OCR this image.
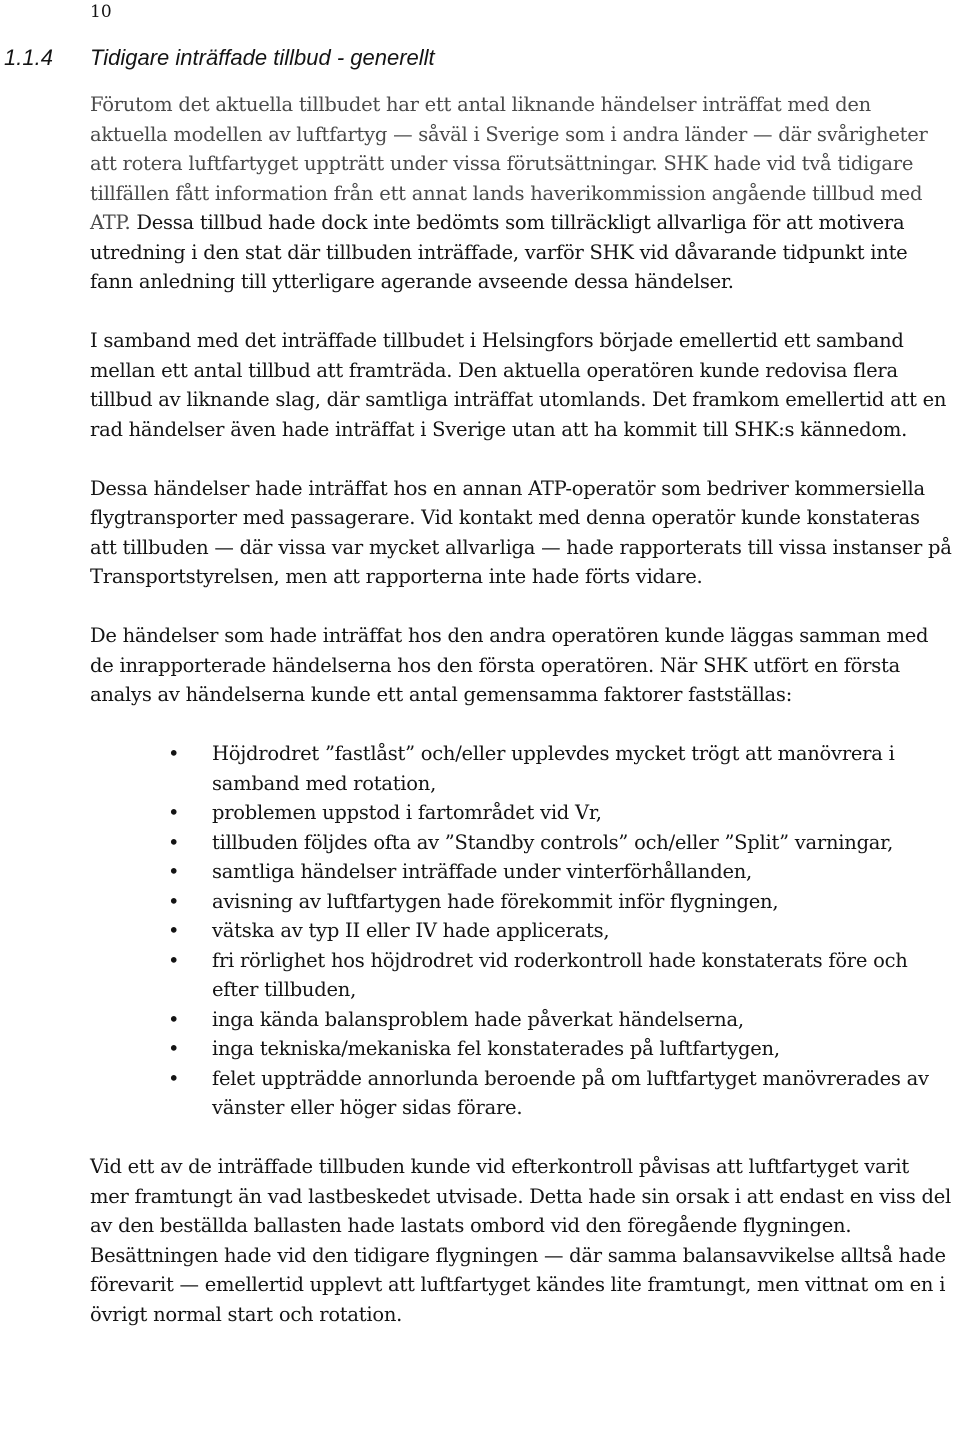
10
1.1.4 Tidigare inträffade tillbud - generellt

Förutom det aktuella tillbudet har ett antal liknande händelser inträffat med den aktuella modellen av luftfartyg — såväl i Sverige som i andra länder — där svårigheter att rotera luftfartyget uppträtt under vissa förutsättningar. SHK hade vid två tidigare tillfällen fått information från ett annat lands haverikommission angående tillbud med ATP. Dessa tillbud hade dock inte bedömts som tillräckligt allvarliga för att motivera utredning i den stat där tillbuden inträffade, varför SHK vid dåvarande tidpunkt inte fann anledning till ytterligare agerande avseende dessa händelser.

I samband med det inträffade tillbudet i Helsingfors började emellertid ett samband mellan ett antal tillbud att framträda. Den aktuella operatören kunde redovisa flera tillbud av liknande slag, där samtliga inträffat utomlands. Det framkom emellertid att en rad händelser även hade inträffat i Sverige utan att ha kommit till SHK:s kännedom.

Dessa händelser hade inträffat hos en annan ATP-operatör som bedriver kommersiella flygtransporter med passagerare. Vid kontakt med denna operatör kunde konstateras att tillbuden — där vissa var mycket allvarliga — hade rapporterats till vissa instanser på Transportstyrelsen, men att rapporterna inte hade förts vidare.

De händelser som hade inträffat hos den andra operatören kunde läggas samman med de inrapporterade händelserna hos den första operatören. När SHK utfört en första analys av händelserna kunde ett antal gemensamma faktorer fastställas:

• Höjdrodret ”fastlåst” och/eller upplevdes mycket trögt att manövrera i samband med rotation,
• problemen uppstod i fartområdet vid Vr,
• tillbuden följdes ofta av ”Standby controls” och/eller ”Split” varningar,
• samtliga händelser inträffade under vinterförhållanden,
• avisning av luftfartygen hade förekommit inför flygningen,
• vätska av typ II eller IV hade applicerats,
• fri rörlighet hos höjdrodret vid roderkontroll hade konstaterats före och efter tillbuden,
• inga kända balansproblem hade påverkat händelserna,
• inga tekniska/mekaniska fel konstaterades på luftfartygen,
• felet uppträdde annorlunda beroende på om luftfartyget manövrerades av vänster eller höger sidas förare.

Vid ett av de inträffade tillbuden kunde vid efterkontroll påvisas att luftfartyget varit mer framtungt än vad lastbeskedet utvisade. Detta hade sin orsak i att endast en viss del av den beställda ballasten hade lastats ombord vid den föregående flygningen. Besättningen hade vid den tidigare flygningen — där samma balansavvikelse alltså hade förevarit — emellertid upplevt att luftfartyget kändes lite framtungt, men vittnat om en i övrigt normal start och rotation.
